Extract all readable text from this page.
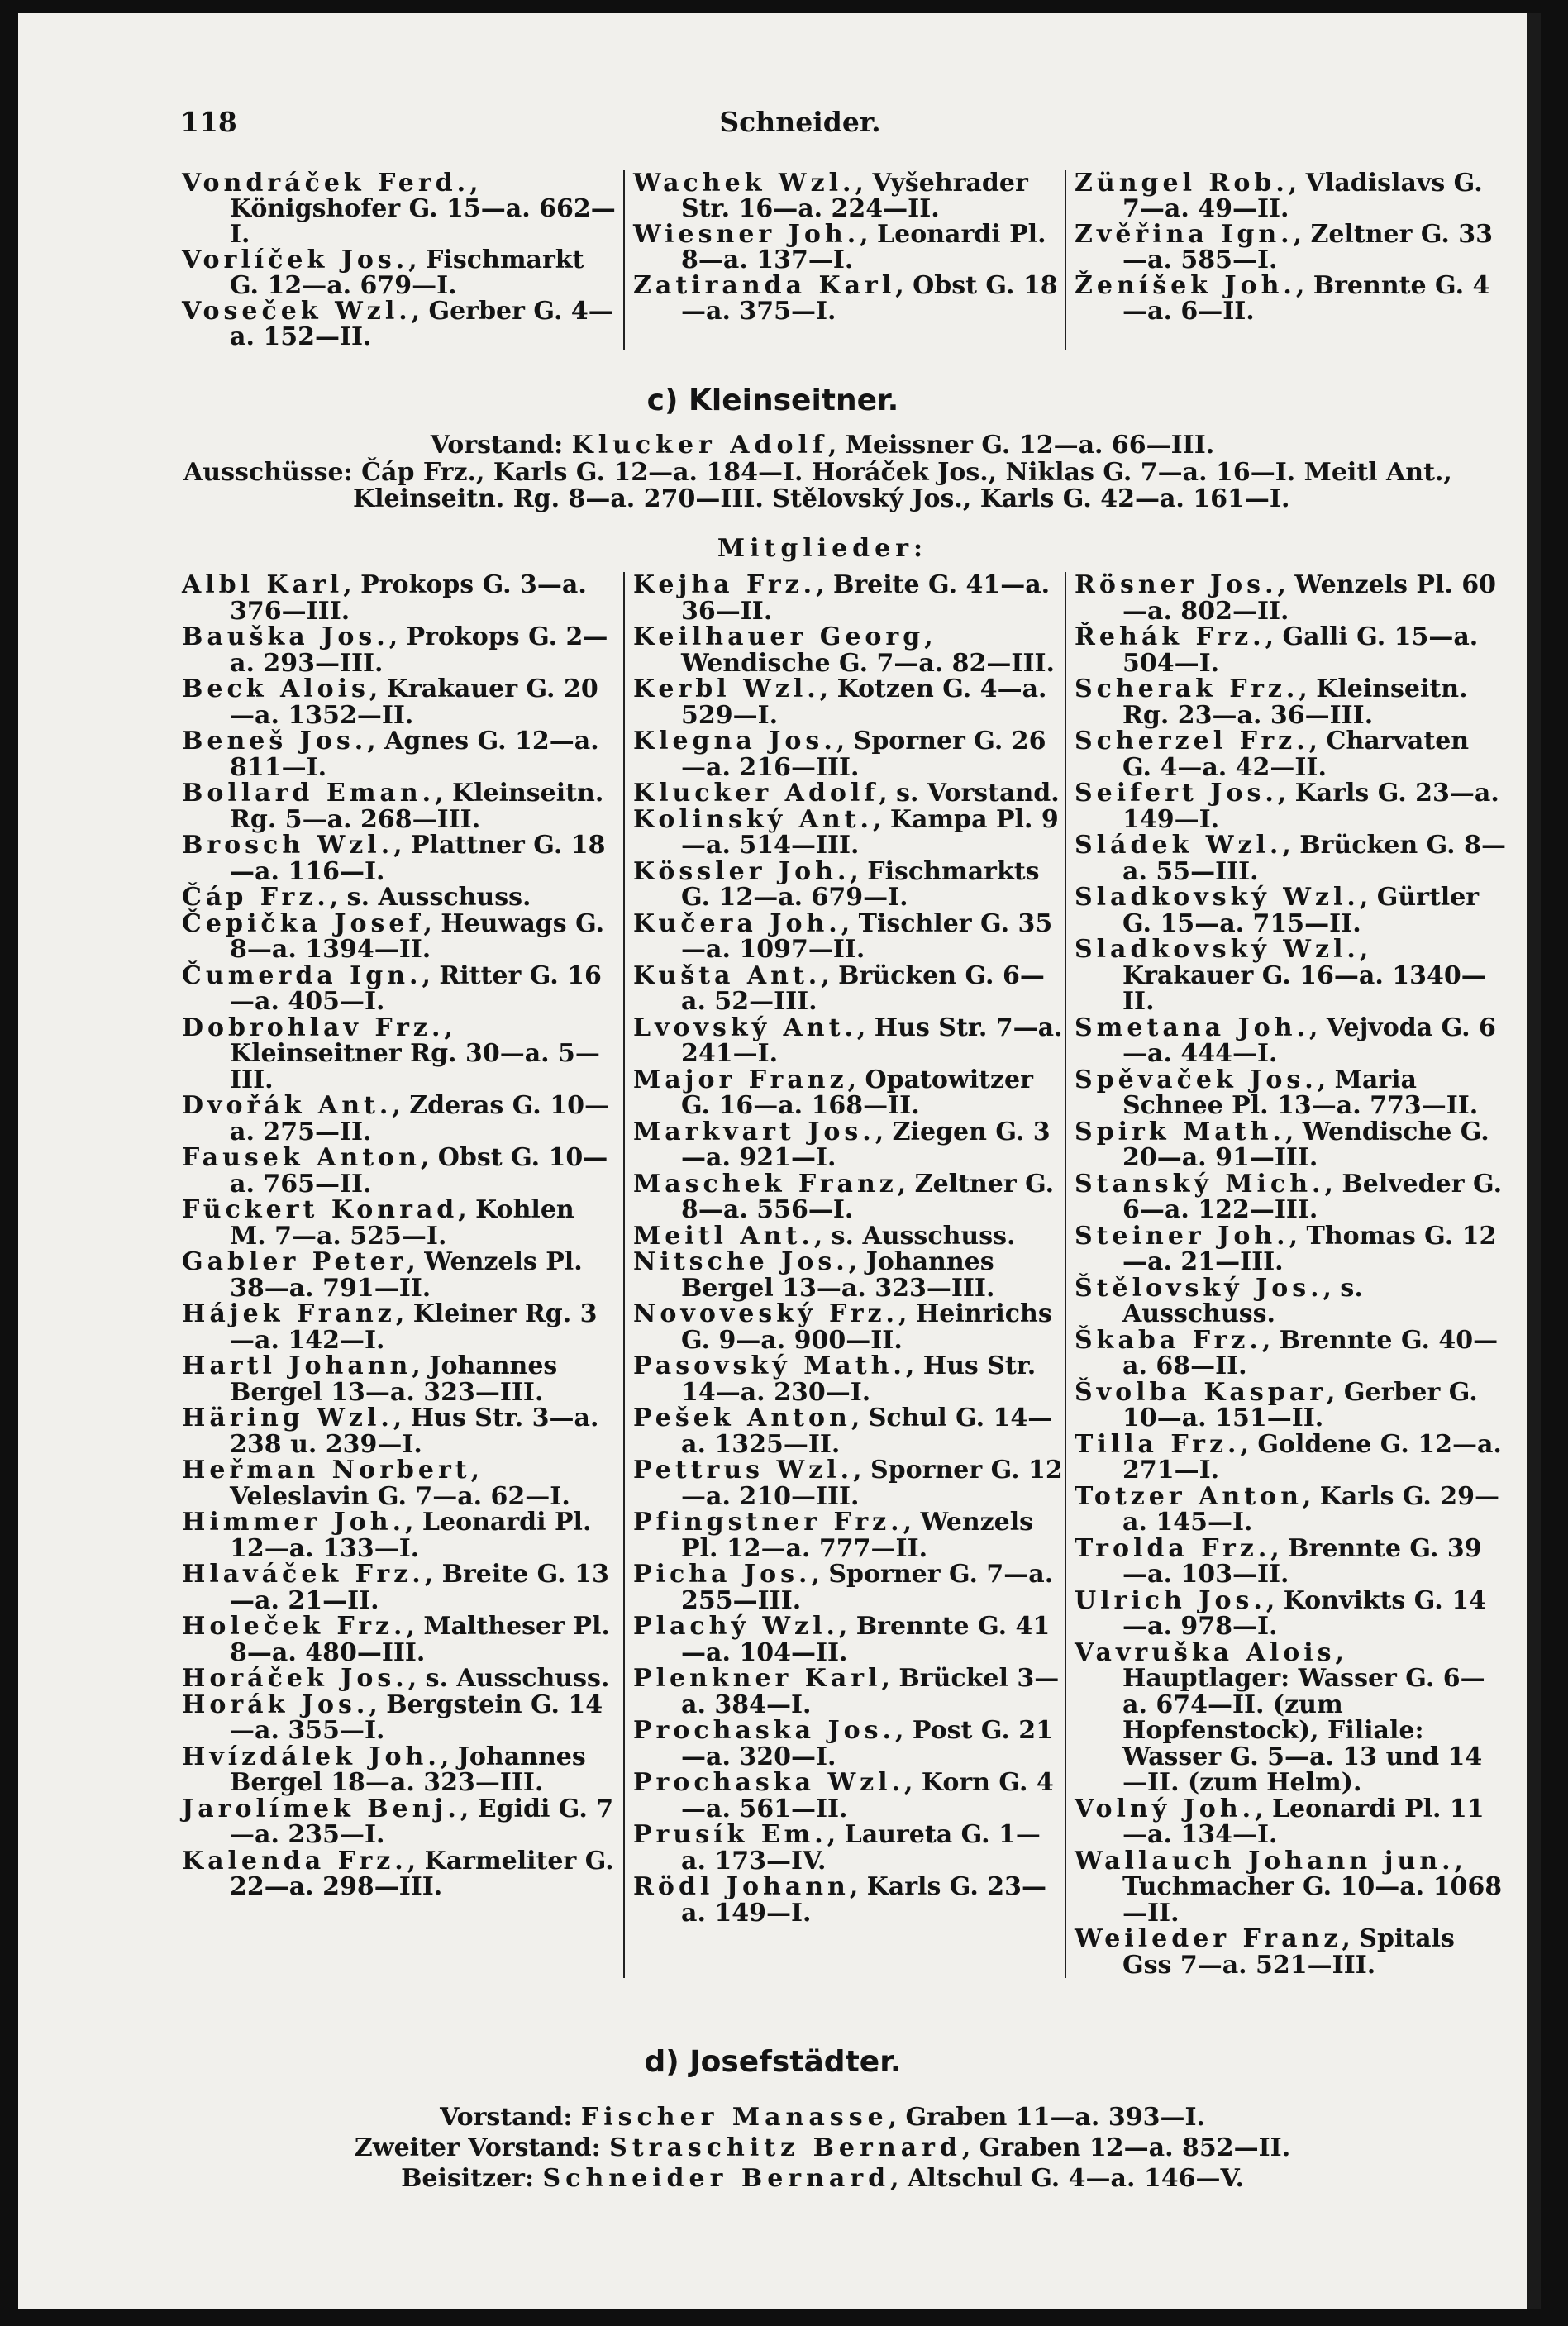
118	Schneider.

Vondráček Ferd., Königshofer G. 15—a. 662—I.

Vorlíček Jos., Fischmarkt G. 12—a. 679—I.

Voseček Wzl., Gerber G. 4—a. 152—II.

Wachek Wzl., Vyšehrader Str. 16—a. 224—II.

Wiesner Joh., Leonardi Pl. 8—a. 137—I.

Zatiranda Karl, Obst G. 18—a. 375—I.

Züngel Rob., Vladislavs G. 7—a. 49—II.

Zvěřina Ign., Zeltner G. 33—a. 585—I.

Ženíšek Joh., Brennte G. 4—a. 6—II.

c) Kleinseitner.
Vorstand: Klucker Adolf, Meissner G. 12—a. 66—III.
Ausschüsse: Čáp Frz., Karls G. 12—a. 184—I. Horáček Jos., Niklas G. 7—a. 16—I. Meitl Ant.,
Kleinseitn. Rg. 8—a. 270—III. Stělovský Jos., Karls G. 42—a. 161—I.
Mitglieder:

Albl Karl, Prokops G. 3—a. 376—III.

Bauška Jos., Prokops G. 2—a. 293—III.

Beck Alois, Krakauer G. 20—a. 1352—II.

Beneš Jos., Agnes G. 12—a. 811—I.

Bollard Eman., Kleinseitn. Rg. 5—a. 268—III.

Brosch Wzl., Plattner G. 18—a. 116—I.

Čáp Frz., s. Ausschuss.

Čepička Josef, Heuwags G. 8—a. 1394—II.

Čumerda Ign., Ritter G. 16—a. 405—I.

Dobrohlav Frz., Kleinseitner Rg. 30—a. 5—III.

Dvořák Ant., Zderas G. 10—a. 275—II.

Fausek Anton, Obst G. 10—a. 765—II.

Fückert Konrad, Kohlen M. 7—a. 525—I.

Gabler Peter, Wenzels Pl. 38—a. 791—II.

Hájek Franz, Kleiner Rg. 3—a. 142—I.

Hartl Johann, Johannes Bergel 13—a. 323—III.

Häring Wzl., Hus Str. 3—a. 238 u. 239—I.

Heřman Norbert, Veleslavin G. 7—a. 62—I.

Himmer Joh., Leonardi Pl. 12—a. 133—I.

Hlaváček Frz., Breite G. 13—a. 21—II.

Holeček Frz., Maltheser Pl. 8—a. 480—III.

Horáček Jos., s. Ausschuss.

Horák Jos., Bergstein G. 14—a. 355—I.

Hvízdálek Joh., Johannes Bergel 18—a. 323—III.

Jarolímek Benj., Egidi G. 7—a. 235—I.

Kalenda Frz., Karmeliter G. 22—a. 298—III.

Kejha Frz., Breite G. 41—a. 36—II.

Keilhauer Georg, Wendische G. 7—a. 82—III.

Kerbl Wzl., Kotzen G. 4—a. 529—I.

Klegna Jos., Sporner G. 26—a. 216—III.

Klucker Adolf, s. Vorstand.

Kolinský Ant., Kampa Pl. 9—a. 514—III.

Kössler Joh., Fischmarkts G. 12—a. 679—I.

Kučera Joh., Tischler G. 35—a. 1097—II.

Kušta Ant., Brücken G. 6—a. 52—III.

Lvovský Ant., Hus Str. 7—a. 241—I.

Major Franz, Opatowitzer G. 16—a. 168—II.

Markvart Jos., Ziegen G. 3—a. 921—I.

Maschek Franz, Zeltner G. 8—a. 556—I.

Meitl Ant., s. Ausschuss.

Nitsche Jos., Johannes Bergel 13—a. 323—III.

Novoveský Frz., Heinrichs G. 9—a. 900—II.

Pasovský Math., Hus Str. 14—a. 230—I.

Pešek Anton, Schul G. 14—a. 1325—II.

Pettrus Wzl., Sporner G. 12—a. 210—III.

Pfingstner Frz., Wenzels Pl. 12—a. 777—II.

Picha Jos., Sporner G. 7—a. 255—III.

Plachý Wzl., Brennte G. 41—a. 104—II.

Plenkner Karl, Brückel 3—a. 384—I.

Prochaska Jos., Post G. 21—a. 320—I.

Prochaska Wzl., Korn G. 4—a. 561—II.

Prusík Em., Laureta G. 1—a. 173—IV.

Rödl Johann, Karls G. 23—a. 149—I.

Rösner Jos., Wenzels Pl. 60—a. 802—II.

Řehák Frz., Galli G. 15—a. 504—I.

Scherak Frz., Kleinseitn. Rg. 23—a. 36—III.

Scherzel Frz., Charvaten G. 4—a. 42—II.

Seifert Jos., Karls G. 23—a. 149—I.

Sládek Wzl., Brücken G. 8—a. 55—III.

Sladkovský Wzl., Gürtler G. 15—a. 715—II.

Sladkovský Wzl., Krakauer G. 16—a. 1340—II.

Smetana Joh., Vejvoda G. 6—a. 444—I.

Spěvaček Jos., Maria Schnee Pl. 13—a. 773—II.

Spirk Math., Wendische G. 20—a. 91—III.

Stanský Mich., Belveder G. 6—a. 122—III.

Steiner Joh., Thomas G. 12—a. 21—III.

Štělovský Jos., s. Ausschuss.

Škaba Frz., Brennte G. 40—a. 68—II.

Švolba Kaspar, Gerber G. 10—a. 151—II.

Tilla Frz., Goldene G. 12—a. 271—I.

Totzer Anton, Karls G. 29—a. 145—I.

Trolda Frz., Brennte G. 39—a. 103—II.

Ulrich Jos., Konvikts G. 14—a. 978—I.

Vavruška Alois, Hauptlager: Wasser G. 6—a. 674—II. (zum Hopfenstock), Filiale: Wasser G. 5—a. 13 und 14—II. (zum Helm).

Volný Joh., Leonardi Pl. 11—a. 134—I.

Wallauch Johann jun., Tuchmacher G. 10—a. 1068—II.

Weileder Franz, Spitals Gss 7—a. 521—III.

d) Josefstädter.
Vorstand: Fischer Manasse, Graben 11—a. 393—I.
Zweiter Vorstand: Straschitz Bernard, Graben 12—a. 852—II.
Beisitzer: Schneider Bernard, Altschul G. 4—a. 146—V.
